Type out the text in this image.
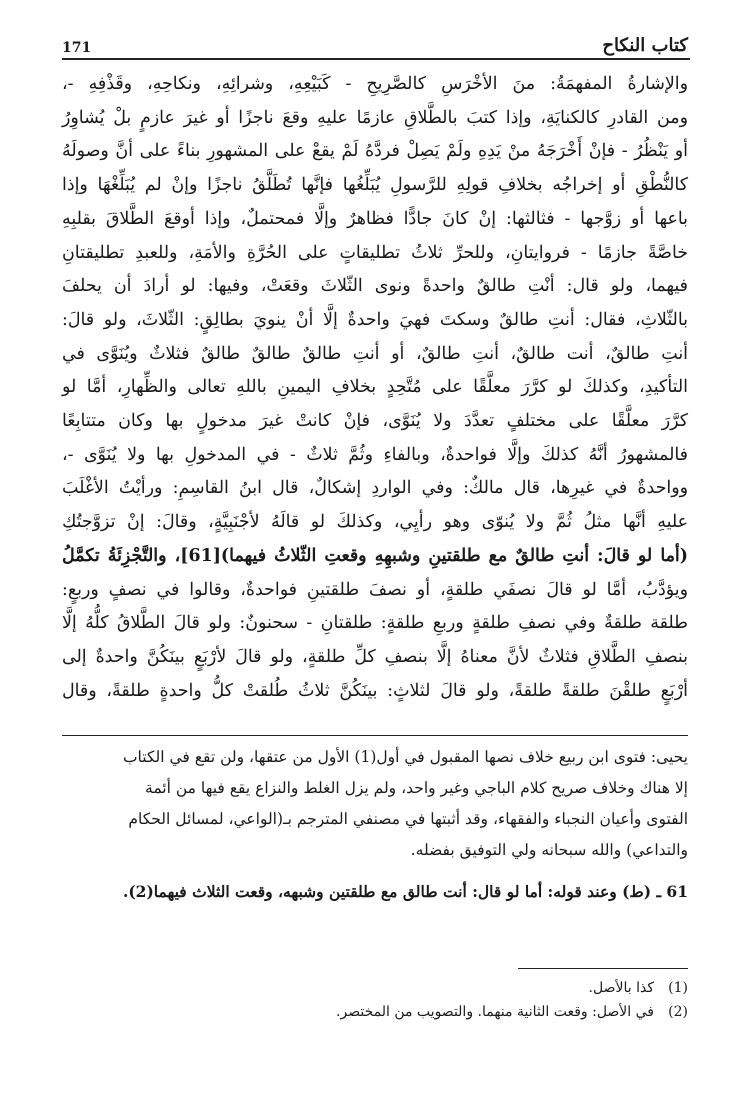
171	كتاب النكاح

والإشارةُ المفهمَةُ: منَ الأخْرَسِ كالصَّرِيحِ - كَبَيْعِهِ، وشرائِهِ، ونكاحِهِ، وقَذْفِهِ -،

ومن القادرِ كالكنايَةِ، وإذا كتبَ بالطَّلاقِ عازمًا عليهِ وقعَ ناجزًا أو غيرَ عازمٍ بلْ يُشاوِرُ

أو يَنْظُرُ - فإنْ أَخْرَجَهُ منْ يَدِهِ ولَمْ يَصِلْ فردَّهُ لَمْ يقعْ على المشهورِ بناءً على أنَّ وصولَهُ

كالنُّطْقِ أو إخراجُه بخلافِ قولِهِ للرَّسولِ يُبَلِّغُها فإنَّها تُطَلَّقُ ناجزًا وإنْ لم يُبَلِّغْهَا وإذا

باعها أو زوَّجها - فثالثها: إنْ كانَ جادًّا فظاهرٌ وإلَّا فمحتملٌ، وإذا أوقعَ الطَّلاقَ بقلبِهِ

خاصَّةً جازمًا - فروايتانِ، وللحرِّ ثلاثُ تطليقاتٍ على الحُرَّةِ والأمَةِ، وللعبدِ تطليقتانِ

فيهما، ولو قال: أنْتِ طالقٌ واحدةً ونوى الثّلاثَ وقعَتْ، وفيها: لو أرادَ أن يحلفَ

بالثّلاثِ، فقال: أنتِ طالقٌ وسكتَ فهيَ واحدةٌ إلَّا أنْ ينويَ بطالِقٍ: الثّلاثَ، ولو قالَ:

أنتِ طالقٌ، أنت طالقٌ، أنتِ طالقٌ، أو أنتِ طالقٌ طالقٌ طالقٌ فثلاثٌ ويُنَوَّى في

التأكيدِ، وكذلكَ لو كرَّرَ معلَّقًا على مُتَّحِدٍ بخلافِ اليمينِ باللهِ تعالى والظِّهارِ، أمَّا لو

كرَّرَ معلَّقًا على مختلفٍ تعدَّدَ ولا يُنَوَّى، فإنْ كانتْ غيرَ مدخولٍ بها وكان متتابِعًا

فالمشهورُ أنَّهُ كذلكَ وإلَّا فواحدةٌ، وبالفاءِ وثُمَّ ثلاثٌ - في المدخولِ بها ولا يُنَوَّى -،

وواحدةٌ في غيرِها، قال مالكٌ: وفي الواردِ إشكالٌ، قال ابنُ القاسِمِ: ورأيْتُ الأغْلَبَ

عليهِ أنَّها مثلُ ثُمَّ ولا يُنوّى وهو رأيِي، وكذلكَ لو قالَهُ لأجْنَبِيَّةٍ، وقالَ: إنْ تزوَّجتُكِ

(أما لو قالَ: أنتِ طالقٌ مع طلقتينِ وشبهِهِ وقعتِ الثّلاثُ فيهما)[61]، والتَّجْزِئَةُ تكمَّلُ

ويؤدَّبُ، أمَّا لو قالَ نصفَي طلقةٍ، أو نصفَ طلقتينِ فواحدةٌ، وقالوا في نصفٍ وربعٍ:

طلقة طلقةٌ وفي نصفِ طلقةٍ وربعِ طلقةٍ: طلقتانِ - سحنونٌ: ولو قالَ الطَّلاقُ كلُّهُ إلَّا

بنصفِ الطَّلاقِ فثلاثٌ لأنَّ معناهُ إلَّا بنصفِ كلِّ طلقةٍ، ولو قالَ لأرْبَعٍ بينَكُنَّ واحدةٌ إلى

أرْبَعٍ طلقْنَ طلقةً طلقةً، ولو قالَ لثلاثٍ: بينَكُنَّ ثلاثُ طُلقتْ كلُّ واحدةٍ طلقةً، وقال

يحيى: فتوى ابن ربيع خلاف نصها المقبول في أول(1) الأول من عتقها، ولن تقع في الكتاب

إلا هناك وخلاف صريح كلام الباجي وغير واحد، ولم يزل الغلط والنزاع يقع فيها من أئمة

الفتوى وأعيان النجباء والفقهاء، وقد أثبتها في مصنفي المترجم بـ(الواعي، لمسائل الحكام

والتداعي) والله سبحانه ولي التوفيق بفضله.

61 ـ (ط) وعند قوله: أما لو قال: أنت طالق مع طلقتين وشبهه، وقعت الثلاث فيهما(2).

(1)
كذا بالأصل.
(2)
في الأصل: وقعت الثانية منهما. والتصويب من المختصر.
